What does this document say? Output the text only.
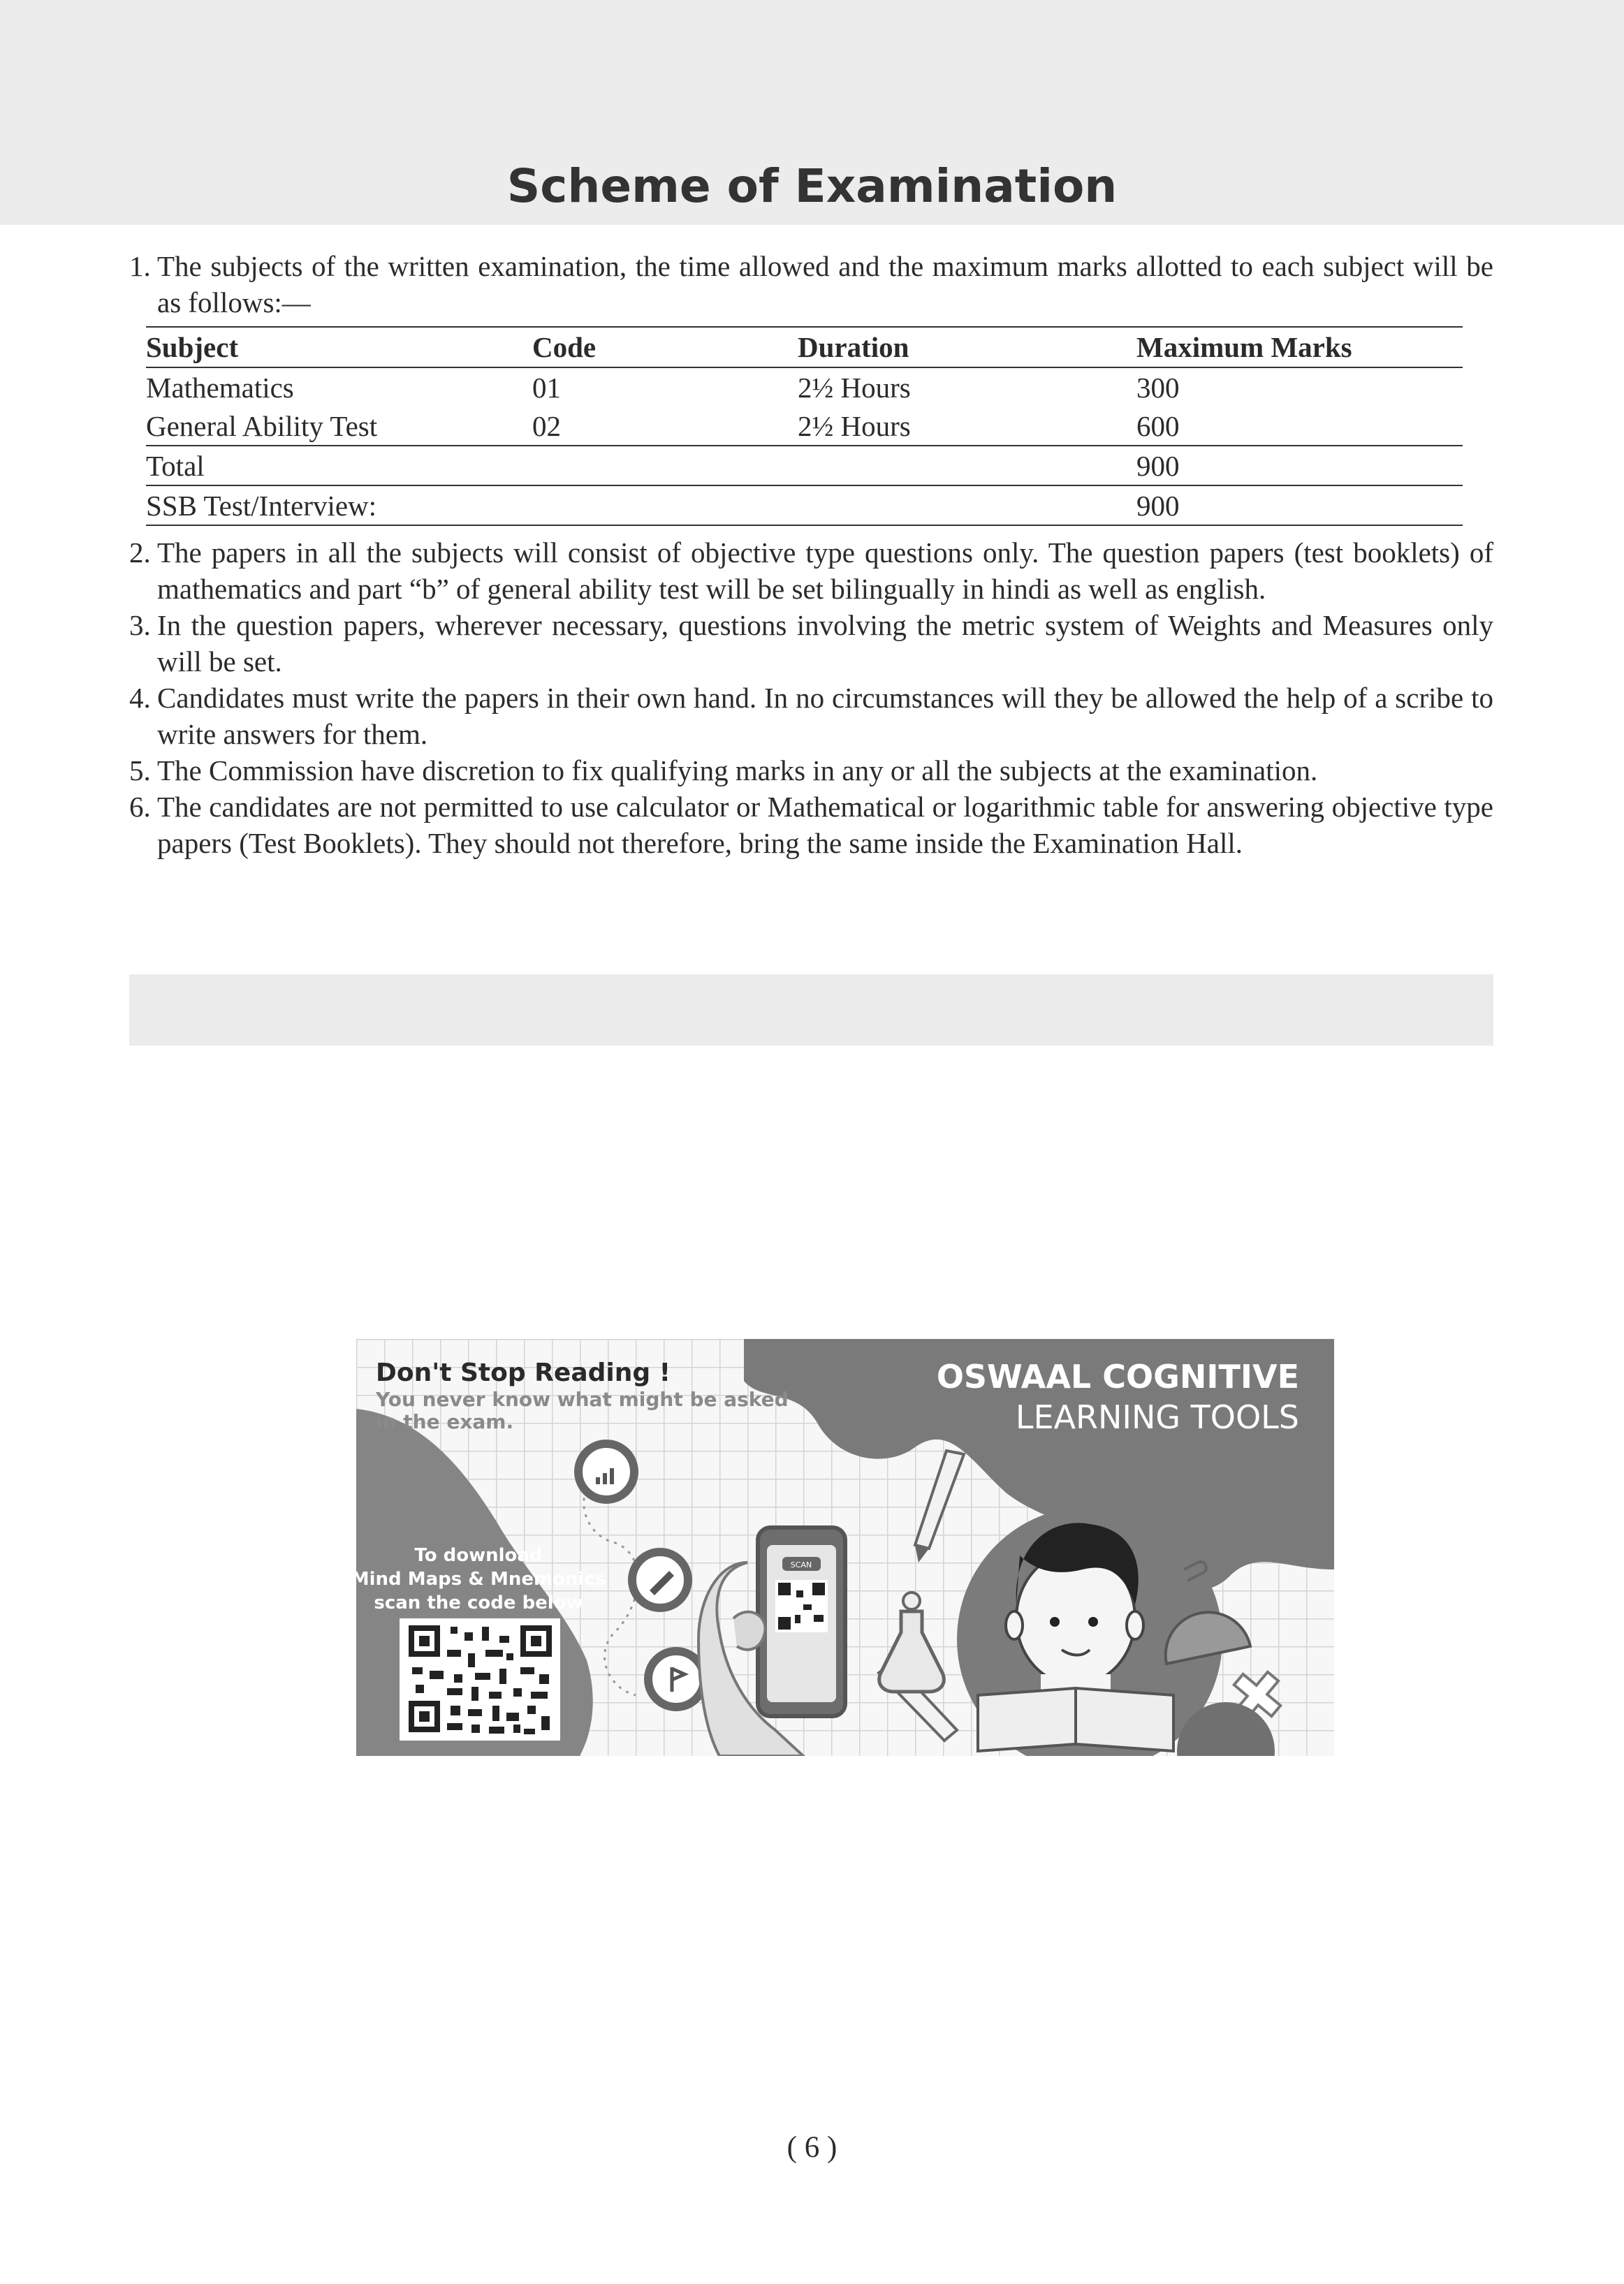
Scheme of Examination
1. The subjects of the written examination, the time allowed and the maximum marks allotted to each subject will be as follows:—
Subject	Code	Duration	Maximum Marks
Mathematics	01	2½ Hours	300
General Ability Test	02	2½ Hours	600
Total			900
SSB Test/Interview:			900
2. The papers in all the subjects will consist of objective type questions only. The question papers (test booklets) of mathematics and part “b” of general ability test will be set bilingually in hindi as well as english.
3. In the question papers, wherever necessary, questions involving the metric system of Weights and Measures only will be set.
4. Candidates must write the papers in their own hand. In no circumstances will they be allowed the help of a scribe to write answers for them.
5. The Commission have discretion to fix qualifying marks in any or all the subjects at the examination.
6. The candidates are not permitted to use calculator or Mathematical or logarithmic table for answering objective type papers (Test Booklets). They should not therefore, bring the same inside the Examination Hall.
Don't Stop Reading !
You never know what might be asked
in the exam.
OSWAAL COGNITIVE
LEARNING TOOLS
To download
Mind Maps & Mnemonics
scan the code below
SCAN
( 6 )
